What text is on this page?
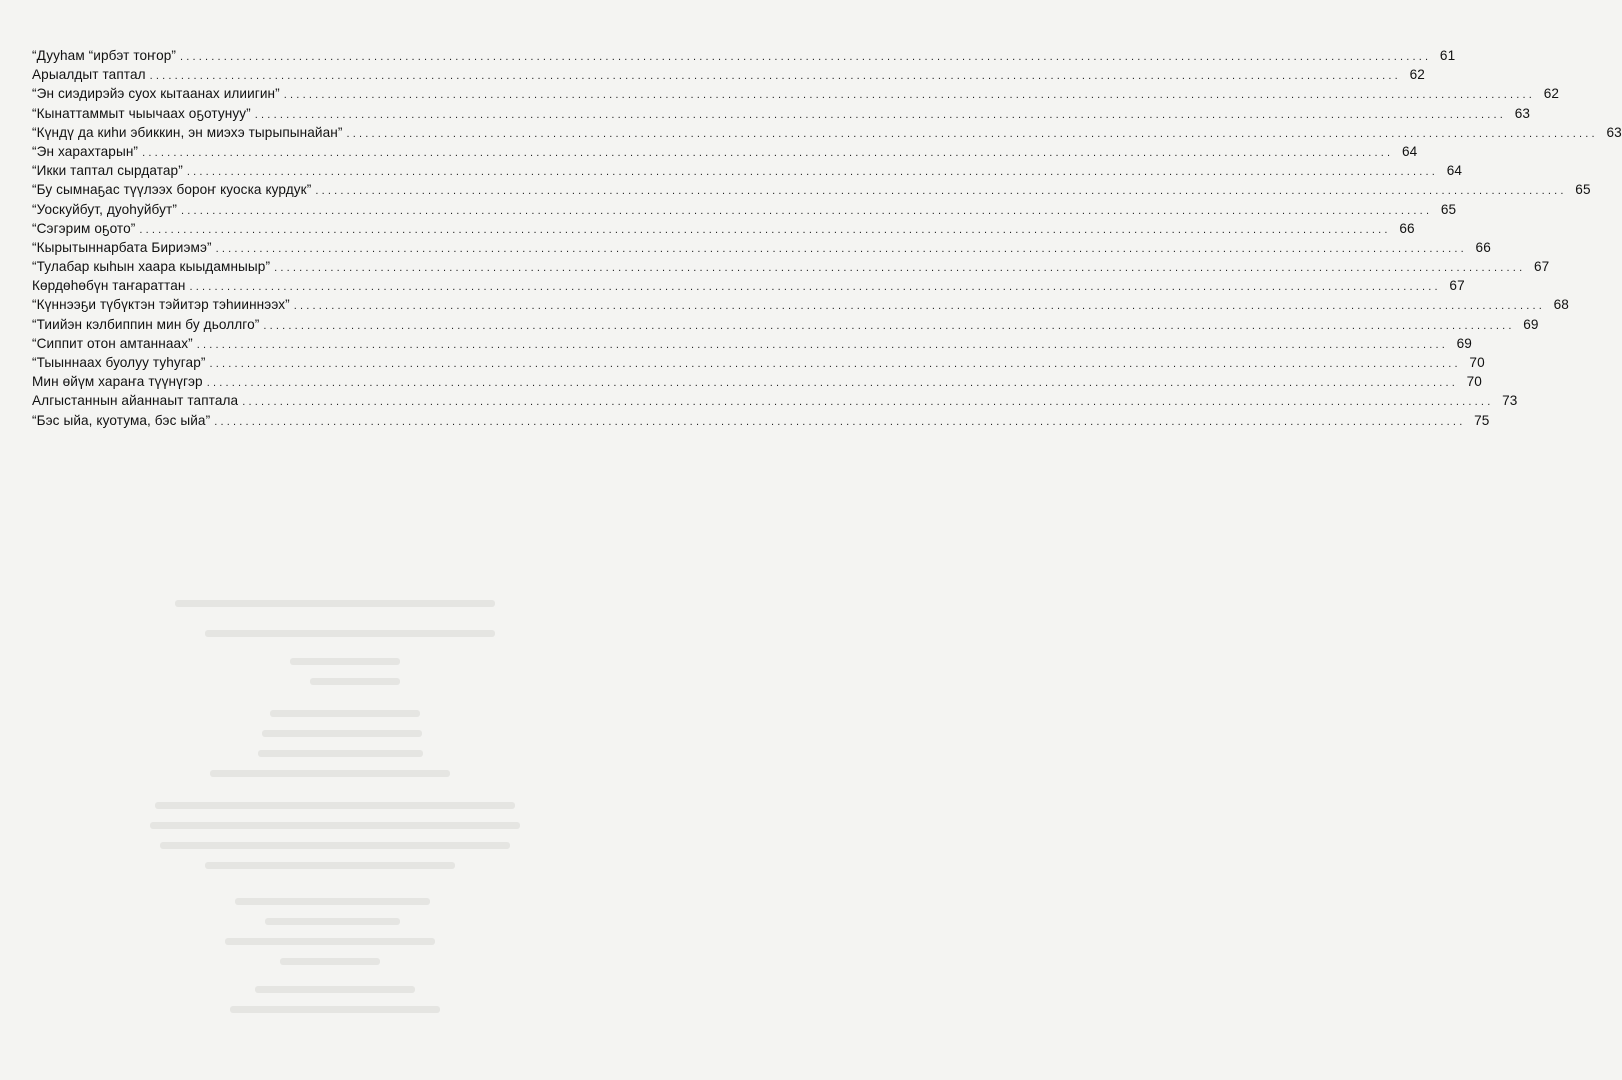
“Дууһам “ирбэт тоҥор” ........................................................................................................................................................................................................ 61
Арыалдыт таптал ........................................................................................................................................................................................................ 62
“Эн сиэдирэйэ суох кытаанах илиигин” ........................................................................................................................................................................................................ 62
“Кынаттаммыт чыычаах оҕотунуу” ........................................................................................................................................................................................................ 63
“Күндү да киһи эбиккин, эн миэхэ тырыпынайан” ........................................................................................................................................................................................................ 63
“Эн харахтарын” ........................................................................................................................................................................................................ 64
“Икки таптал сырдатар” ........................................................................................................................................................................................................ 64
“Бу сымнаҕас түүлээх бороҥ куоска курдук” ........................................................................................................................................................................................................ 65
“Уоскуйбут, дуоһуйбут” ........................................................................................................................................................................................................ 65
“Сэгэрим оҕото” ........................................................................................................................................................................................................ 66
“Кырытыннарбата Бириэмэ” ........................................................................................................................................................................................................ 66
“Тулабар кыһын хаара кыыдамныыр” ........................................................................................................................................................................................................ 67
Көрдөһөбүн таҥараттан ........................................................................................................................................................................................................ 67
“Күннээҕи түбүктэн тэйитэр тэһииннээх” ........................................................................................................................................................................................................ 68
“Тиийэн кэлбиппин мин бу дьоллго” ........................................................................................................................................................................................................ 69
“Сиппит отон амтаннаах” ........................................................................................................................................................................................................ 69
“Тыыннаах буолуу туһугар” ........................................................................................................................................................................................................ 70
Мин өйүм хараҥа түүнүгэр ........................................................................................................................................................................................................ 70
Алгыстаннын айаннаыт таптала ........................................................................................................................................................................................................ 73
“Бэс ыйа, куотума, бэс ыйа” ........................................................................................................................................................................................................ 75
